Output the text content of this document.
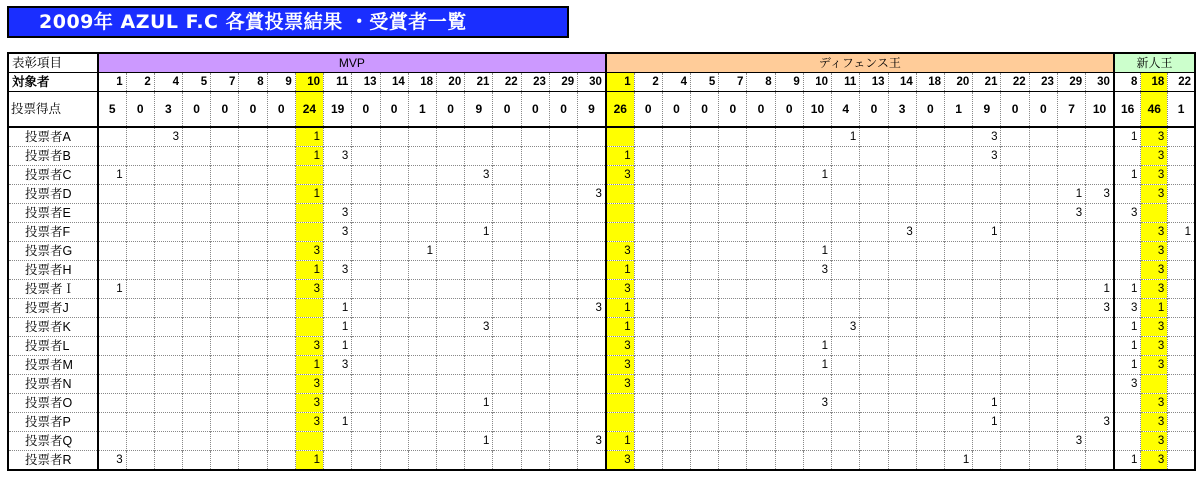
2009年 AZUL F.C 各賞投票結果 ・受賞者一覧
表彰項目	MVP																		ディフェンス王																		新人王		
対象者	1	2	4	5	7	8	9	10	11	13	14	18	20	21	22	23	29	30	1	2	4	5	7	8	9	10	11	13	14	18	20	21	22	23	29	30	8	18	22
投票得点	5	0	3	0	0	0	0	24	19	0	0	1	0	9	0	0	0	9	26	0	0	0	0	0	0	10	4	0	3	0	1	9	0	0	7	10	16	46	1
投票者A			3					1																			1					3					1	3	
投票者B								1	3										1													3						3	
投票者C	1													3					3							1											1	3	
投票者D								1										3																	1	3		3	
投票者E									3																										3		3		
投票者F									3					1															3			1						3	1
投票者G								3				1							3							1												3	
投票者H								1	3										1							3												3	
投票者Ｉ	1							3											3																	1	1	3	
投票者J									1									3	1																	3	3	1	
投票者K									1					3					1								3										1	3	
投票者L								3	1										3							1											1	3	
投票者M								1	3										3							1											1	3	
投票者N								3											3																		3		
投票者O								3						1												3						1						3	
投票者P								3	1																							1				3		3	
投票者Q														1				3	1																3			3	
投票者R	3							1											3												1						1	3	
